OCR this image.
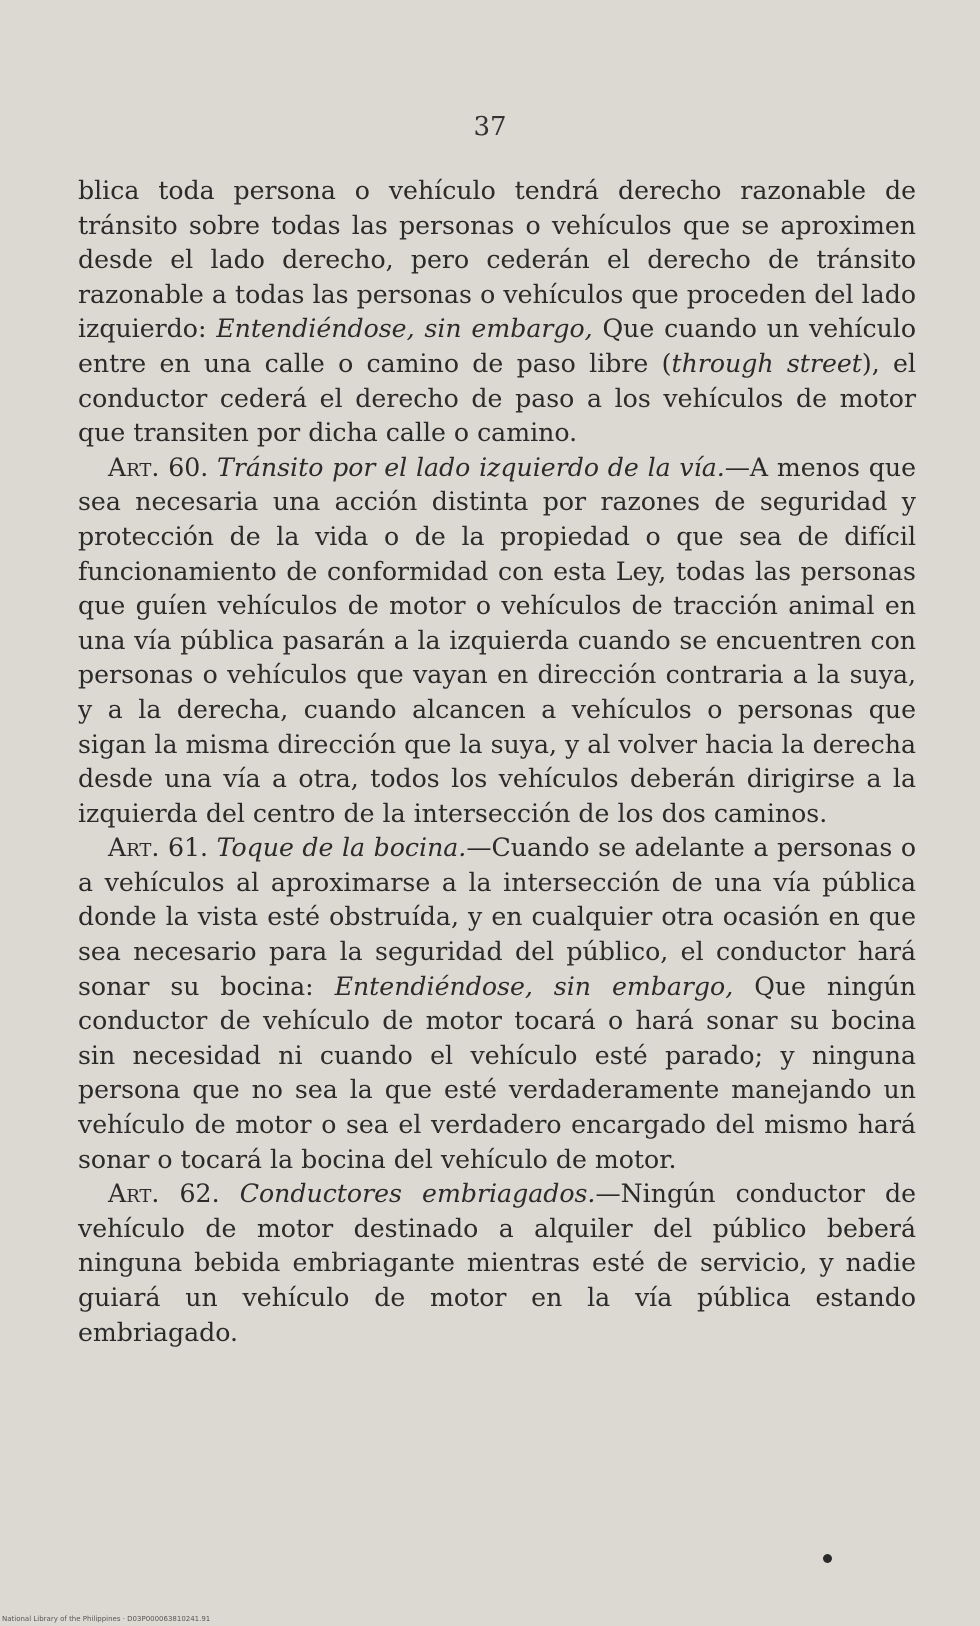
37

blica toda persona o vehículo tendrá derecho razonable de tránsito sobre todas las personas o vehículos que se aproximen desde el lado derecho, pero cederán el derecho de tránsito razonable a todas las personas o vehículos que proceden del lado izquierdo: Entendiéndose, sin embargo, Que cuando un vehículo entre en una calle o camino de paso libre (through street), el conductor cederá el derecho de paso a los vehículos de motor que transiten por dicha calle o camino.

Art. 60. Tránsito por el lado izquierdo de la vía.—A menos que sea necesaria una acción distinta por razones de seguridad y protección de la vida o de la propiedad o que sea de difícil funcionamiento de conformidad con esta Ley, todas las personas que guíen vehículos de motor o vehículos de tracción animal en una vía pública pasarán a la izquierda cuando se encuentren con personas o vehículos que vayan en dirección contraria a la suya, y a la derecha, cuando alcancen a vehículos o personas que sigan la misma dirección que la suya, y al volver hacia la derecha desde una vía a otra, todos los vehículos deberán dirigirse a la izquierda del centro de la intersección de los dos caminos.

Art. 61. Toque de la bocina.—Cuando se adelante a personas o a vehículos al aproximarse a la intersección de una vía pública donde la vista esté obstruída, y en cualquier otra ocasión en que sea necesario para la seguridad del público, el conductor hará sonar su bocina: Entendiéndose, sin embargo, Que ningún conductor de vehículo de motor tocará o hará sonar su bocina sin necesidad ni cuando el vehículo esté parado; y ninguna persona que no sea la que esté verdaderamente manejando un vehículo de motor o sea el verdadero encargado del mismo hará sonar o tocará la bocina del vehículo de motor.

Art. 62. Conductores embriagados.—Ningún conductor de vehículo de motor destinado a alquiler del público beberá ninguna bebida embriagante mientras esté de servicio, y nadie guiará un vehículo de motor en la vía pública estando embriagado.

National Library of the Philippines · D03P000063810241.91
